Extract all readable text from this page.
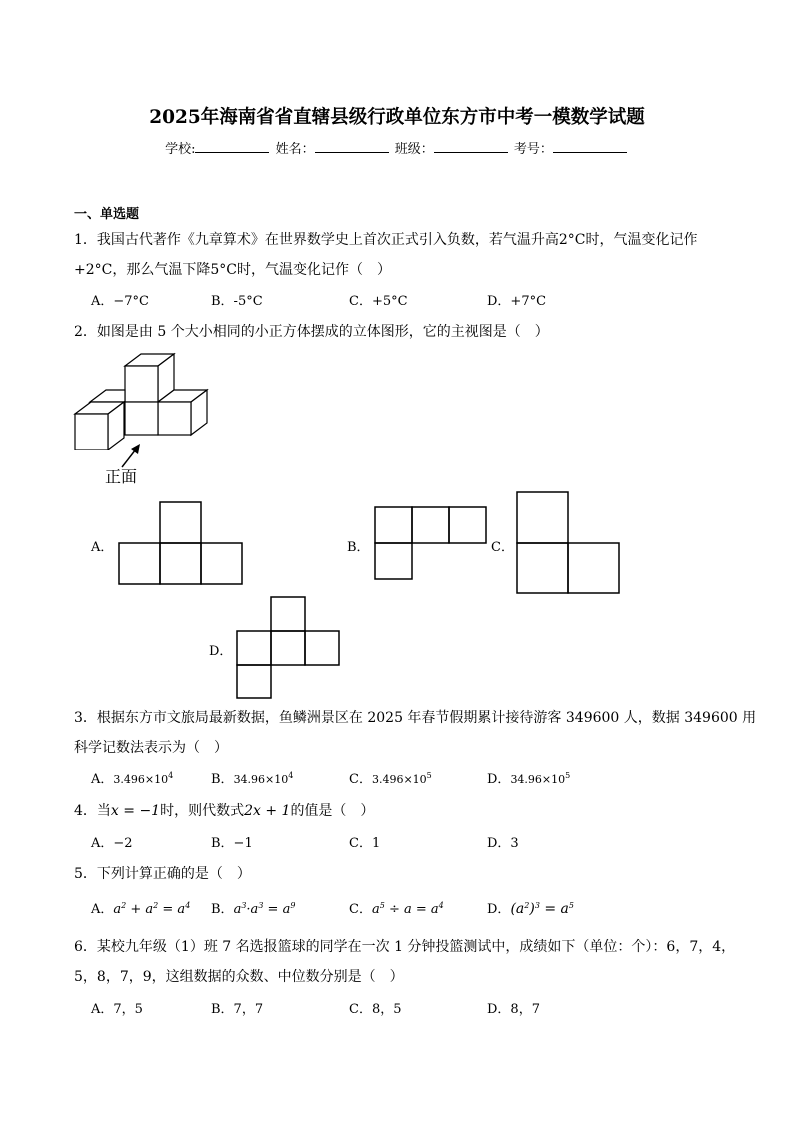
2025年海南省省直辖县级行政单位东方市中考一模数学试题
学校:	姓名：	班级：	考号：
一、单选题
1．我国古代著作《九章算术》在世界数学史上首次正式引入负数，若气温升高2°C时，气温变化记作
+2°C，那么气温下降5°C时，气温变化记作（　）
A．−7°C	B．-5°C	C．+5°C	D．+7°C
2．如图是由 5 个大小相同的小正方体摆成的立体图形，它的主视图是（　）
正面
A．	B．	C．
D．
3．根据东方市文旅局最新数据，鱼鳞洲景区在 2025 年春节假期累计接待游客 349600 人，数据 349600 用
科学记数法表示为（　）
A．$3.496\times 10^4$	B．$34.96\times 10^4$	C．$3.496\times 10^5$	D．$34.96\times 10^5$
4．当x = −1时，则代数式2x + 1的值是（　）
A．−2	B．−1	C．1	D．3
5．下列计算正确的是（　）
A．$a^2 + a^2 = a^4$ B．$a^3\cdot a^3 = a^9$	C．$a^5 \div a = a^4$	D．$(a^2)^3 = a^5$
6．某校九年级（1）班 7 名选报篮球的同学在一次 1 分钟投篮测试中，成绩如下（单位：个）：6，7，4，
5，8，7，9，这组数据的众数、中位数分别是（　）
A．7，5	B．7，7	C．8，5	D．8，7
